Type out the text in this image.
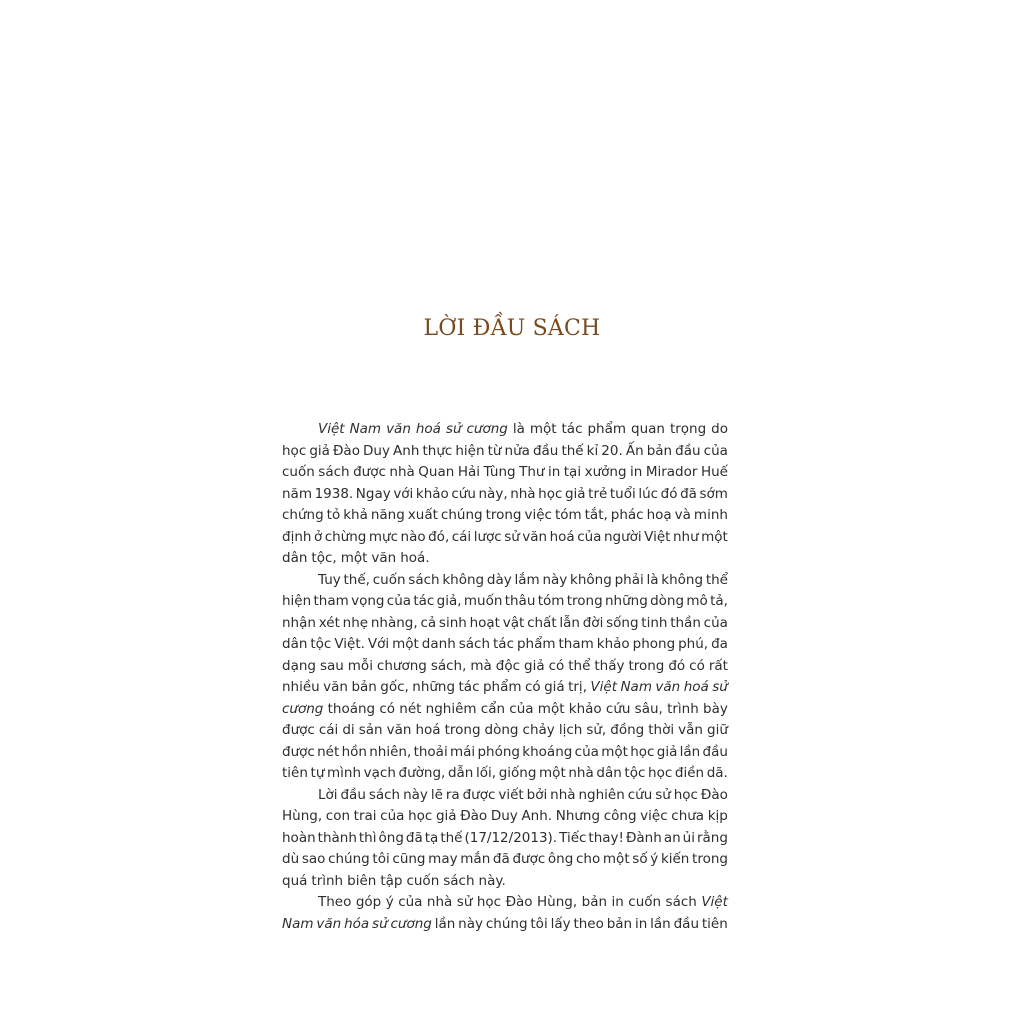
LỜI ĐẦU SÁCH
Việt Nam văn hoá sử cương là một tác phẩm quan trọng do
học giả Đào Duy Anh thực hiện từ nửa đầu thế kỉ 20. Ấn bản đầu của
cuốn sách được nhà Quan Hải Tùng Thư in tại xưởng in Mirador Huế
năm 1938. Ngay với khảo cứu này, nhà học giả trẻ tuổi lúc đó đã sớm
chứng tỏ khả năng xuất chúng trong việc tóm tắt, phác hoạ và minh
định ở chừng mực nào đó, cái lược sử văn hoá của người Việt như một
dân tộc, một văn hoá.
Tuy thế, cuốn sách không dày lắm này không phải là không thể
hiện tham vọng của tác giả, muốn thâu tóm trong những dòng mô tả,
nhận xét nhẹ nhàng, cả sinh hoạt vật chất lẫn đời sống tinh thần của
dân tộc Việt. Với một danh sách tác phẩm tham khảo phong phú, đa
dạng sau mỗi chương sách, mà độc giả có thể thấy trong đó có rất
nhiều văn bản gốc, những tác phẩm có giá trị, Việt Nam văn hoá sử
cương thoáng có nét nghiêm cẩn của một khảo cứu sâu, trình bày
được cái di sản văn hoá trong dòng chảy lịch sử, đồng thời vẫn giữ
được nét hồn nhiên, thoải mái phóng khoáng của một học giả lần đầu
tiên tự mình vạch đường, dẫn lối, giống một nhà dân tộc học điền dã.
Lời đầu sách này lẽ ra được viết bởi nhà nghiên cứu sử học Đào
Hùng, con trai của học giả Đào Duy Anh. Nhưng công việc chưa kịp
hoàn thành thì ông đã tạ thế (17/12/2013). Tiếc thay! Đành an ủi rằng
dù sao chúng tôi cũng may mắn đã được ông cho một số ý kiến trong
quá trình biên tập cuốn sách này.
Theo góp ý của nhà sử học Đào Hùng, bản in cuốn sách Việt
Nam văn hóa sử cương lần này chúng tôi lấy theo bản in lần đầu tiên
